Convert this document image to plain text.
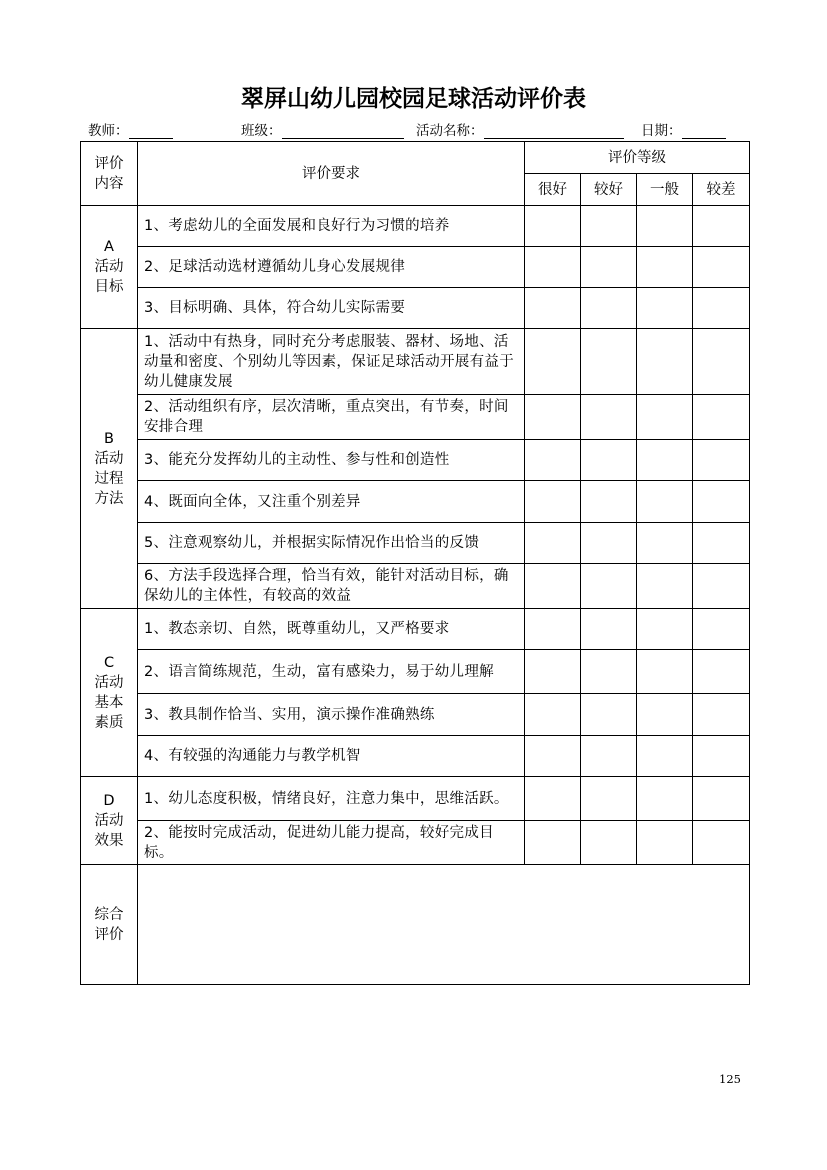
翠屏山幼儿园校园足球活动评价表
教师：	班级：	活动名称：	日期：
评价
内容	评价要求	评价等级			
		很好	较好	一般	较差

A
活动
目标	1、考虑幼儿的全面发展和良好行为习惯的培养				
	2、足球活动选材遵循幼儿身心发展规律				
	3、目标明确、具体，符合幼儿实际需要				

B
活动
过程
方法	1、活动中有热身，同时充分考虑服装、器材、场地、活动量和密度、个别幼儿等因素，保证足球活动开展有益于幼儿健康发展				
	2、活动组织有序，层次清晰，重点突出，有节奏，时间安排合理				
	3、能充分发挥幼儿的主动性、参与性和创造性				
	4、既面向全体，又注重个别差异				
	5、注意观察幼儿，并根据实际情况作出恰当的反馈				
	6、方法手段选择合理，恰当有效，能针对活动目标，确保幼儿的主体性，有较高的效益				

C
活动
基本
素质	1、教态亲切、自然，既尊重幼儿，又严格要求				
	2、语言简练规范，生动，富有感染力，易于幼儿理解				
	3、教具制作恰当、实用，演示操作准确熟练				
	4、有较强的沟通能力与教学机智				

D
活动
效果	1、幼儿态度积极，情绪良好，注意力集中，思维活跃。				
	2、能按时完成活动，促进幼儿能力提高，较好完成目标。				

综合
评价					

125
